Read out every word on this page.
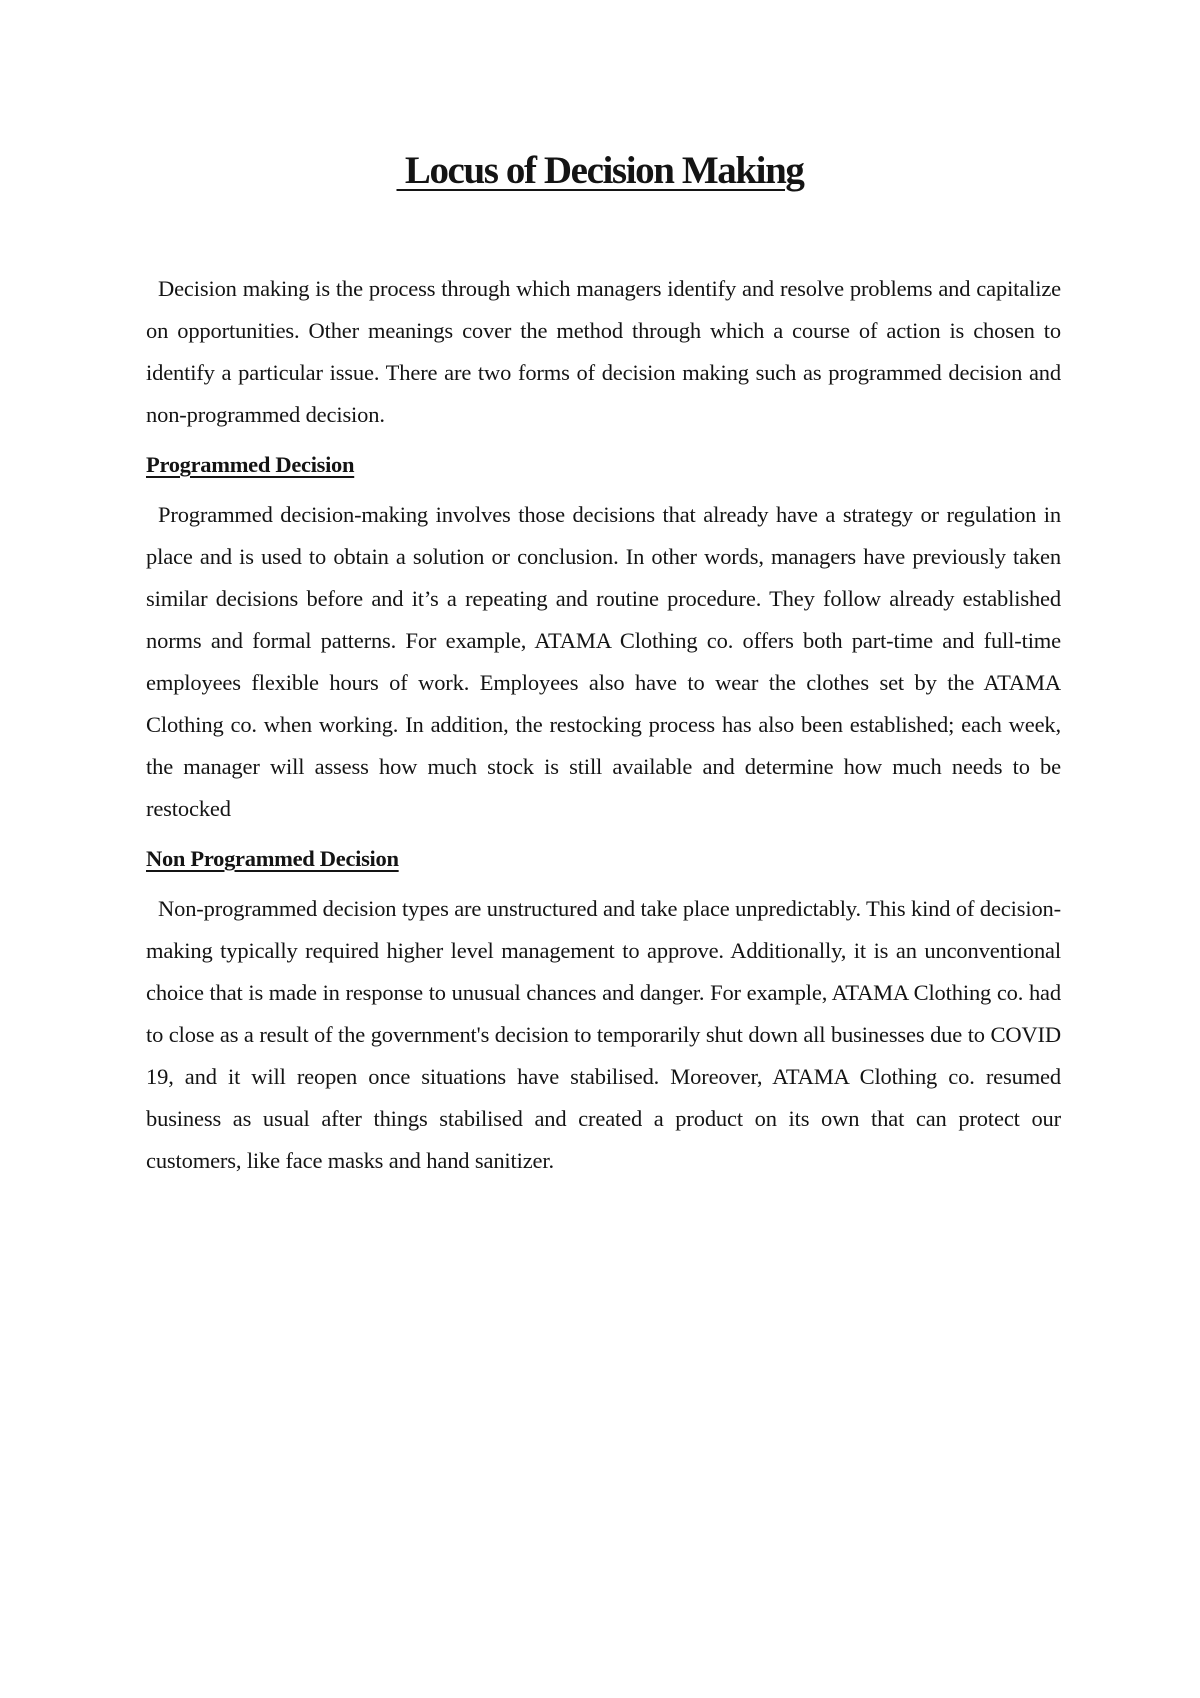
Locus of Decision Making

Decision making is the process through which managers identify and resolve problems and capitalize on opportunities. Other meanings cover the method through which a course of action is chosen to identify a particular issue. There are two forms of decision making such as programmed decision and non-programmed decision.

Programmed Decision

Programmed decision-making involves those decisions that already have a strategy or regulation in place and is used to obtain a solution or conclusion. In other words, managers have previously taken similar decisions before and it’s a repeating and routine procedure. They follow already established norms and formal patterns. For example, ATAMA Clothing co. offers both part-time and full-time employees flexible hours of work. Employees also have to wear the clothes set by the ATAMA Clothing co. when working. In addition, the restocking process has also been established; each week, the manager will assess how much stock is still available and determine how much needs to be restocked

Non Programmed Decision

Non-programmed decision types are unstructured and take place unpredictably. This kind of decision-making typically required higher level management to approve. Additionally, it is an unconventional choice that is made in response to unusual chances and danger. For example, ATAMA Clothing co. had to close as a result of the government's decision to temporarily shut down all businesses due to COVID 19, and it will reopen once situations have stabilised. Moreover, ATAMA Clothing co. resumed business as usual after things stabilised and created a product on its own that can protect our customers, like face masks and hand sanitizer.
